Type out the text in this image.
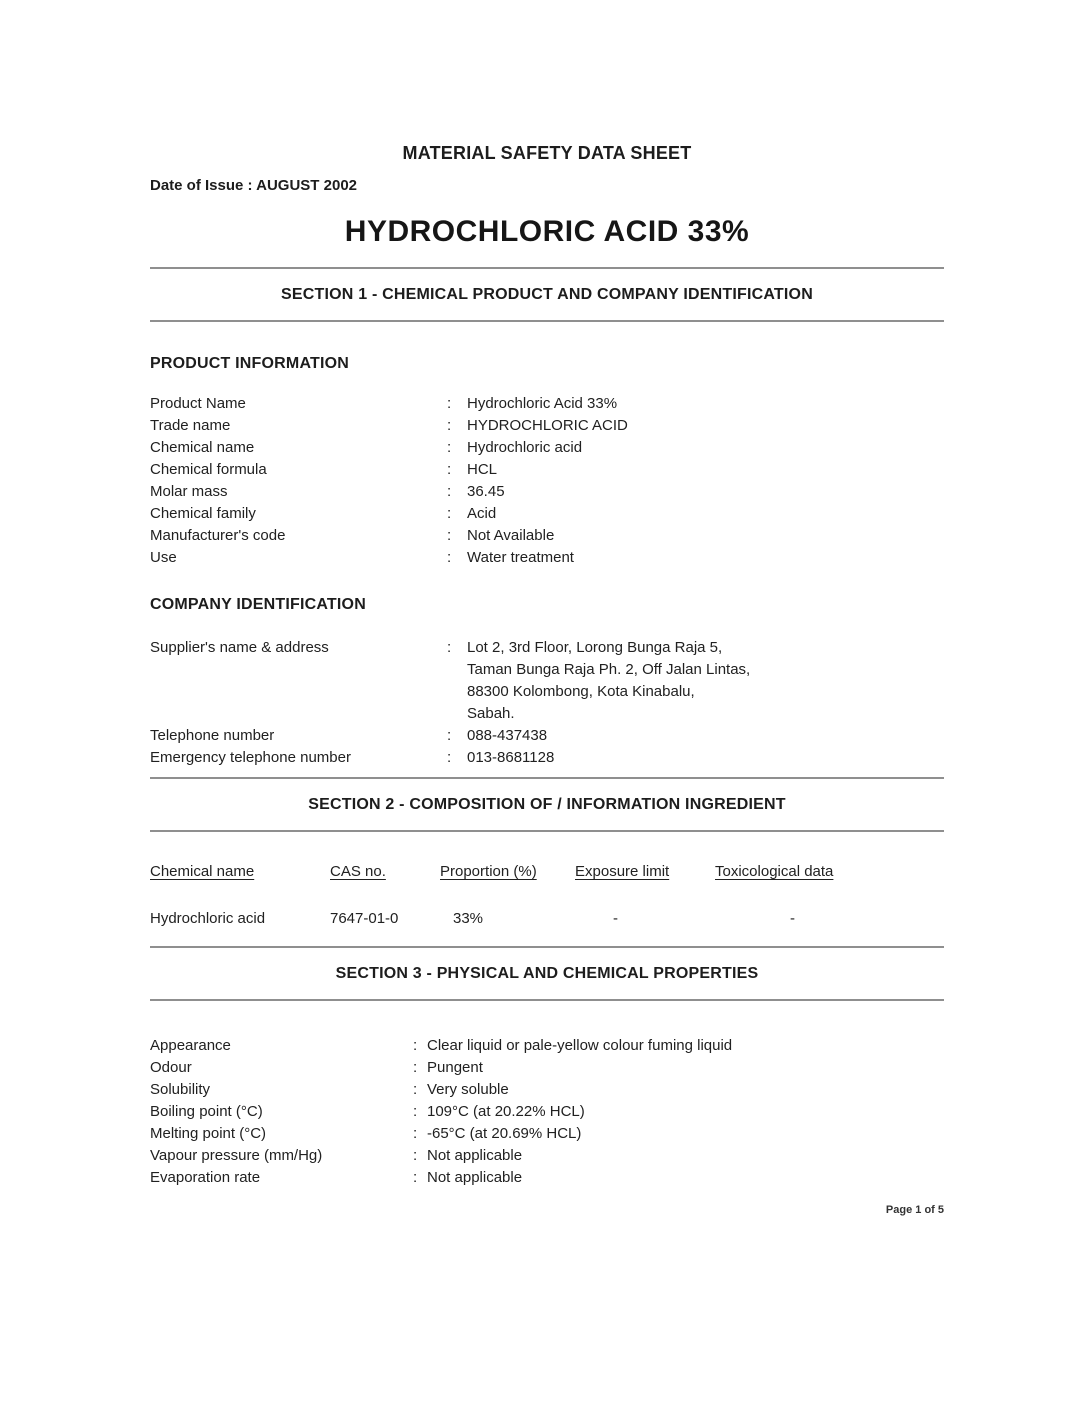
MATERIAL SAFETY DATA SHEET
Date of Issue : AUGUST 2002
HYDROCHLORIC ACID 33%
SECTION 1 - CHEMICAL PRODUCT AND COMPANY IDENTIFICATION
PRODUCT INFORMATION
Product Name	:	Hydrochloric Acid 33%
Trade name	:	HYDROCHLORIC ACID
Chemical name	:	Hydrochloric acid
Chemical formula	:	HCL
Molar mass	:	36.45
Chemical family	:	Acid
Manufacturer's code	:	Not Available
Use	:	Water treatment
COMPANY IDENTIFICATION
Supplier's name & address	:	Lot 2, 3rd Floor, Lorong Bunga Raja 5,
Taman Bunga Raja Ph. 2, Off Jalan Lintas,
88300 Kolombong, Kota Kinabalu,
Sabah.
Telephone number	:	088-437438
Emergency telephone number	:	013-8681128
SECTION 2 - COMPOSITION OF / INFORMATION INGREDIENT
Chemical name	CAS no.	Proportion (%)	Exposure limit	Toxicological data
Hydrochloric acid	7647-01-0	33%	-	-
SECTION 3 - PHYSICAL AND CHEMICAL PROPERTIES
Appearance	: Clear liquid or pale-yellow colour fuming liquid
Odour	: Pungent
Solubility	: Very soluble
Boiling point (°C)	: 109°C (at 20.22% HCL)
Melting point (°C)	: -65°C (at 20.69% HCL)
Vapour pressure (mm/Hg)	: Not applicable
Evaporation rate	: Not applicable
Page 1 of 5
